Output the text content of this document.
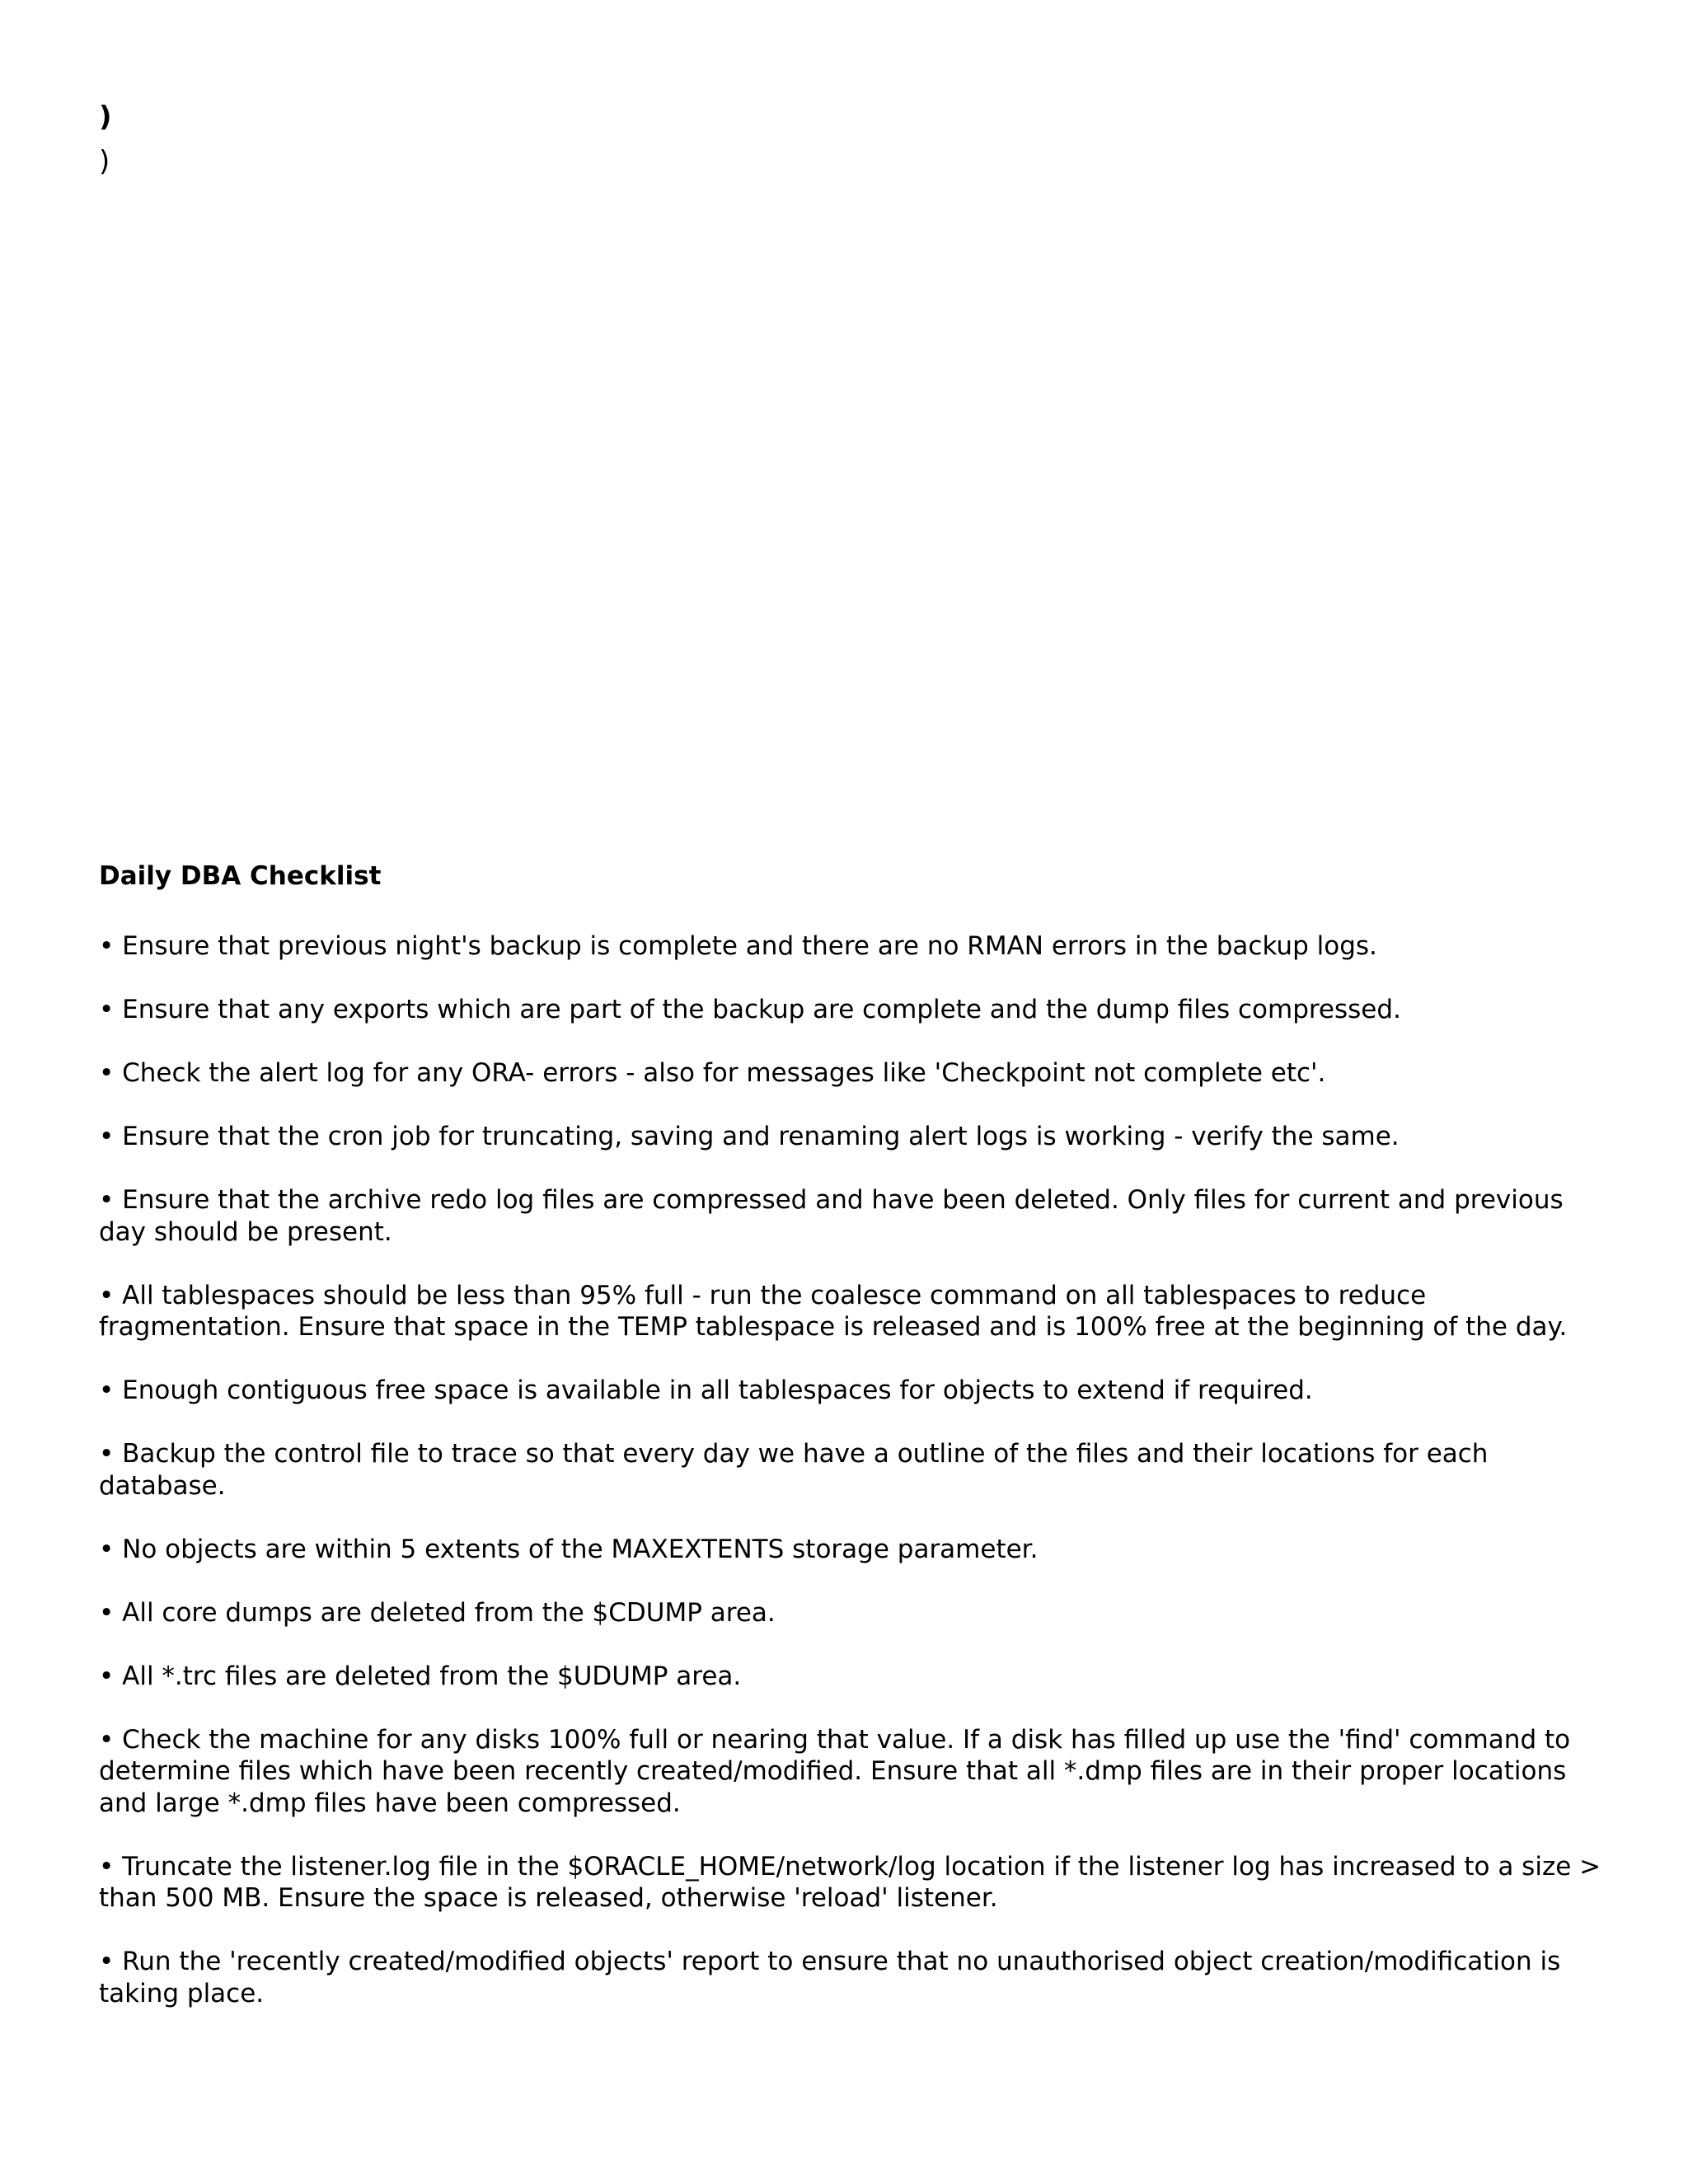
)
)
Daily DBA Checklist
• Ensure that previous night's backup is complete and there are no RMAN errors in the backup logs.
• Ensure that any exports which are part of the backup are complete and the dump files compressed.
• Check the alert log for any ORA- errors - also for messages like 'Checkpoint not complete etc'.
• Ensure that the cron job for truncating, saving and renaming alert logs is working - verify the same.
• Ensure that the archive redo log files are compressed and have been deleted. Only files for current and previous day should be present.
• All tablespaces should be less than 95% full - run the coalesce command on all tablespaces to reduce fragmentation. Ensure that space in the TEMP tablespace is released and is 100% free at the beginning of the day.
• Enough contiguous free space is available in all tablespaces for objects to extend if required.
• Backup the control file to trace so that every day we have a outline of the files and their locations for each database.
• No objects are within 5 extents of the MAXEXTENTS storage parameter.
• All core dumps are deleted from the $CDUMP area.
• All *.trc files are deleted from the $UDUMP area.
• Check the machine for any disks 100% full or nearing that value. If a disk has filled up use the 'find' command to determine files which have been recently created/modified. Ensure that all *.dmp files are in their proper locations and large *.dmp files have been compressed.
• Truncate the listener.log file in the $ORACLE_HOME/network/log location if the listener log has increased to a size > than 500 MB. Ensure the space is released, otherwise 'reload' listener.
• Run the 'recently created/modified objects' report to ensure that no unauthorised object creation/modification is taking place.
